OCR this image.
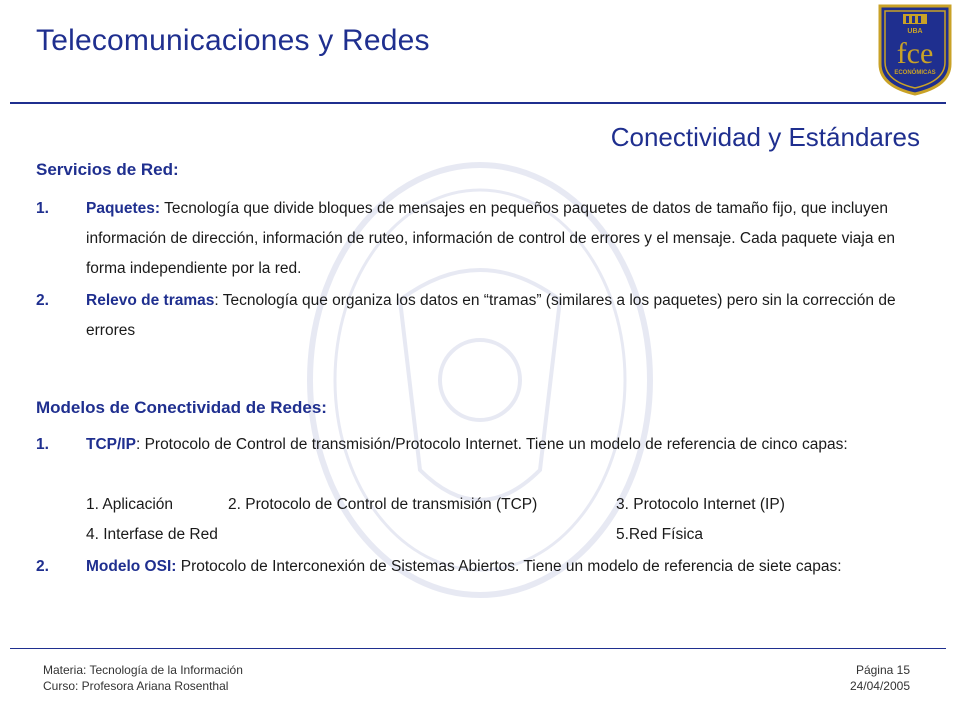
Telecomunicaciones y Redes	UBA
fce
ECONÓMICAS
Conectividad y Estándares
Servicios de Red:
1. Paquetes: Tecnología que divide bloques de mensajes en pequeños paquetes de datos de tamaño fijo, que incluyen información de dirección, información de ruteo, información de control de errores y el mensaje. Cada paquete viaja en forma independiente por la red.
2. Relevo de tramas: Tecnología que organiza los datos en “tramas” (similares a los paquetes) pero sin la corrección de errores
Modelos de Conectividad de Redes:
1. TCP/IP: Protocolo de Control de transmisión/Protocolo Internet. Tiene un modelo de referencia de cinco capas:
1. Aplicación	2. Protocolo de Control de transmisión (TCP)	3. Protocolo Internet (IP)
4. Interfase de Red	5.Red Física
2. Modelo OSI: Protocolo de Interconexión de Sistemas Abiertos. Tiene un modelo de referencia de siete capas:
Materia: Tecnología de la Información
Curso: Profesora Ariana Rosenthal
Página 15
24/04/2005
